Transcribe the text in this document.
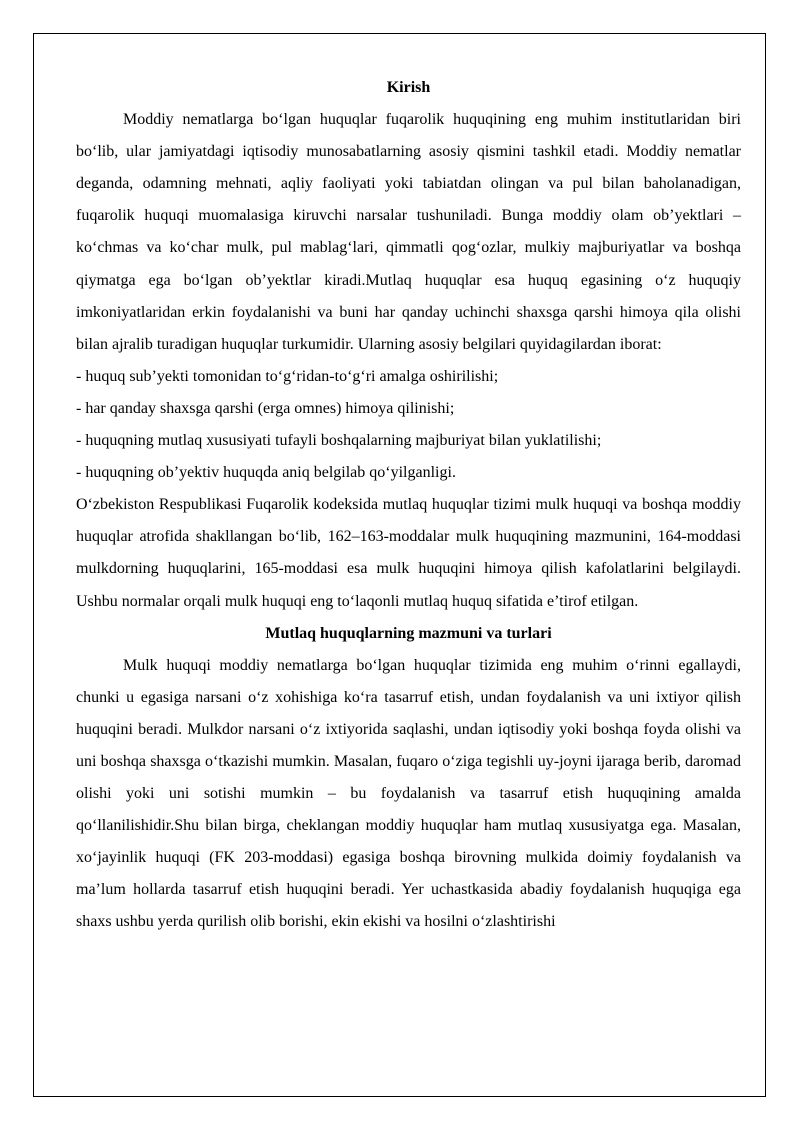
Kirish

Moddiy nematlarga bo‘lgan huquqlar fuqarolik huquqining eng muhim institutlaridan biri bo‘lib, ular jamiyatdagi iqtisodiy munosabatlarning asosiy qismini tashkil etadi. Moddiy nematlar deganda, odamning mehnati, aqliy faoliyati yoki tabiatdan olingan va pul bilan baholanadigan, fuqarolik huquqi muomalasiga kiruvchi narsalar tushuniladi. Bunga moddiy olam ob’yektlari – ko‘chmas va ko‘char mulk, pul mablag‘lari, qimmatli qog‘ozlar, mulkiy majburiyatlar va boshqa qiymatga ega bo‘lgan ob’yektlar kiradi.Mutlaq huquqlar esa huquq egasining o‘z huquqiy imkoniyatlaridan erkin foydalanishi va buni har qanday uchinchi shaxsga qarshi himoya qila olishi bilan ajralib turadigan huquqlar turkumidir. Ularning asosiy belgilari quyidagilardan iborat:

- huquq sub’yekti tomonidan to‘g‘ridan-to‘g‘ri amalga oshirilishi;

- har qanday shaxsga qarshi (erga omnes) himoya qilinishi;

- huquqning mutlaq xususiyati tufayli boshqalarning majburiyat bilan yuklatilishi;

- huquqning ob’yektiv huquqda aniq belgilab qo‘yilganligi.

O‘zbekiston Respublikasi Fuqarolik kodeksida mutlaq huquqlar tizimi mulk huquqi va boshqa moddiy huquqlar atrofida shakllangan bo‘lib, 162–163-moddalar mulk huquqining mazmunini, 164-moddasi mulkdorning huquqlarini, 165-moddasi esa mulk huquqini himoya qilish kafolatlarini belgilaydi. Ushbu normalar orqali mulk huquqi eng to‘laqonli mutlaq huquq sifatida e’tirof etilgan.

Mutlaq huquqlarning mazmuni va turlari

Mulk huquqi moddiy nematlarga bo‘lgan huquqlar tizimida eng muhim o‘rinni egallaydi, chunki u egasiga narsani o‘z xohishiga ko‘ra tasarruf etish, undan foydalanish va uni ixtiyor qilish huquqini beradi. Mulkdor narsani o‘z ixtiyorida saqlashi, undan iqtisodiy yoki boshqa foyda olishi va uni boshqa shaxsga o‘tkazishi mumkin. Masalan, fuqaro o‘ziga tegishli uy-joyni ijaraga berib, daromad olishi yoki uni sotishi mumkin – bu foydalanish va tasarruf etish huquqining amalda qo‘llanilishidir.Shu bilan birga, cheklangan moddiy huquqlar ham mutlaq xususiyatga ega. Masalan, xo‘jayinlik huquqi (FK 203-moddasi) egasiga boshqa birovning mulkida doimiy foydalanish va ma’lum hollarda tasarruf etish huquqini beradi. Yer uchastkasida abadiy foydalanish huquqiga ega shaxs ushbu yerda qurilish olib borishi, ekin ekishi va hosilni o‘zlashtirishi
